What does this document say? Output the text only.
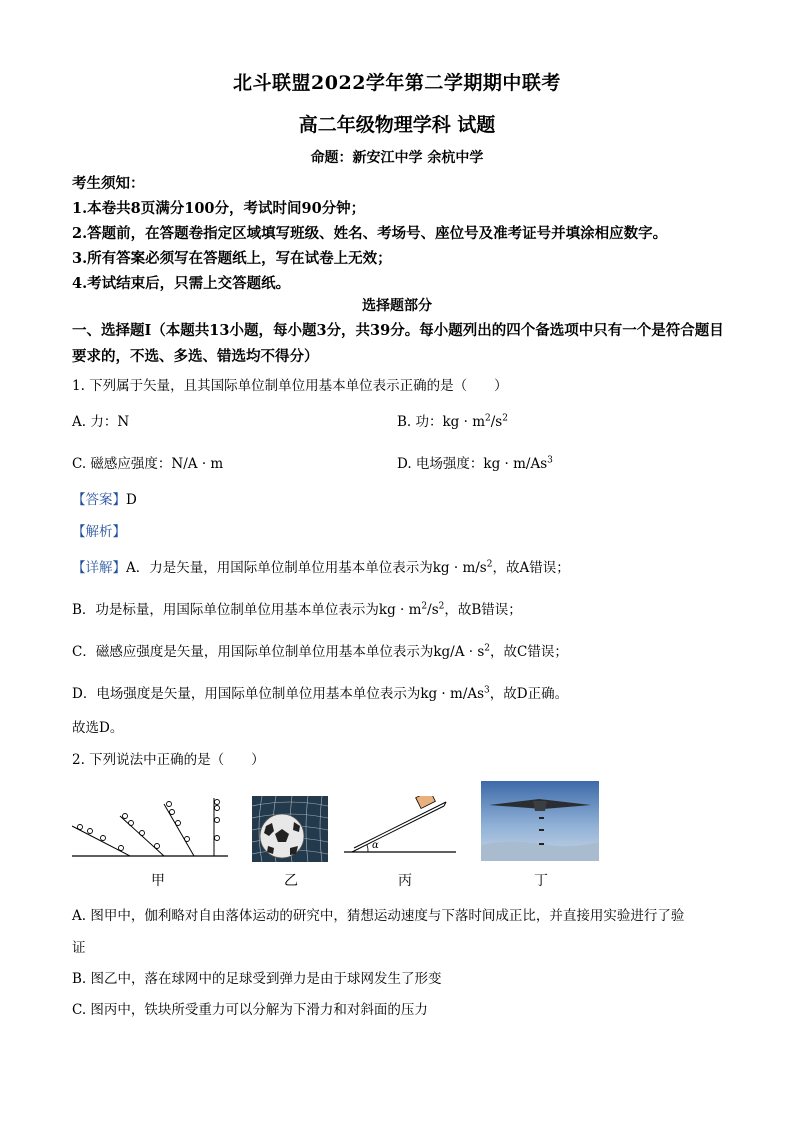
北斗联盟2022学年第二学期期中联考
高二年级物理学科 试题
命题：新安江中学 余杭中学
考生须知：
1.本卷共8页满分100分，考试时间90分钟；
2.答题前，在答题卷指定区域填写班级、姓名、考场号、座位号及准考证号并填涂相应数字。
3.所有答案必须写在答题纸上，写在试卷上无效；
4.考试结束后，只需上交答题纸。
选择题部分
一、选择题Ⅰ（本题共13小题，每小题3分，共39分。每小题列出的四个备选项中只有一个是符合题目要求的，不选、多选、错选均不得分）
1. 下列属于矢量，且其国际单位制单位用基本单位表示正确的是（　　）
A. 力：N	B. 功：kg · $m^2/s^2$
C. 磁感应强度：N/A · m	D. 电场强度：kg · $m/As^3$
【答案】D
【解析】
【详解】A．力是矢量，用国际单位制单位用基本单位表示为kg · $m/s^2$，故A错误；
B．功是标量，用国际单位制单位用基本单位表示为kg · $m^2/s^2$，故B错误；
C．磁感应强度是矢量，用国际单位制单位用基本单位表示为$kg/A \cdot s^2$，故C错误；
D．电场强度是矢量，用国际单位制单位用基本单位表示为kg · $m/As^3$，故D正确。
故选D。
2. 下列说法中正确的是（　　）
α
甲	乙	丙	丁
A. 图甲中，伽利略对自由落体运动的研究中，猜想运动速度与下落时间成正比，并直接用实验进行了验
证
B. 图乙中，落在球网中的足球受到弹力是由于球网发生了形变
C. 图丙中，铁块所受重力可以分解为下滑力和对斜面的压力
